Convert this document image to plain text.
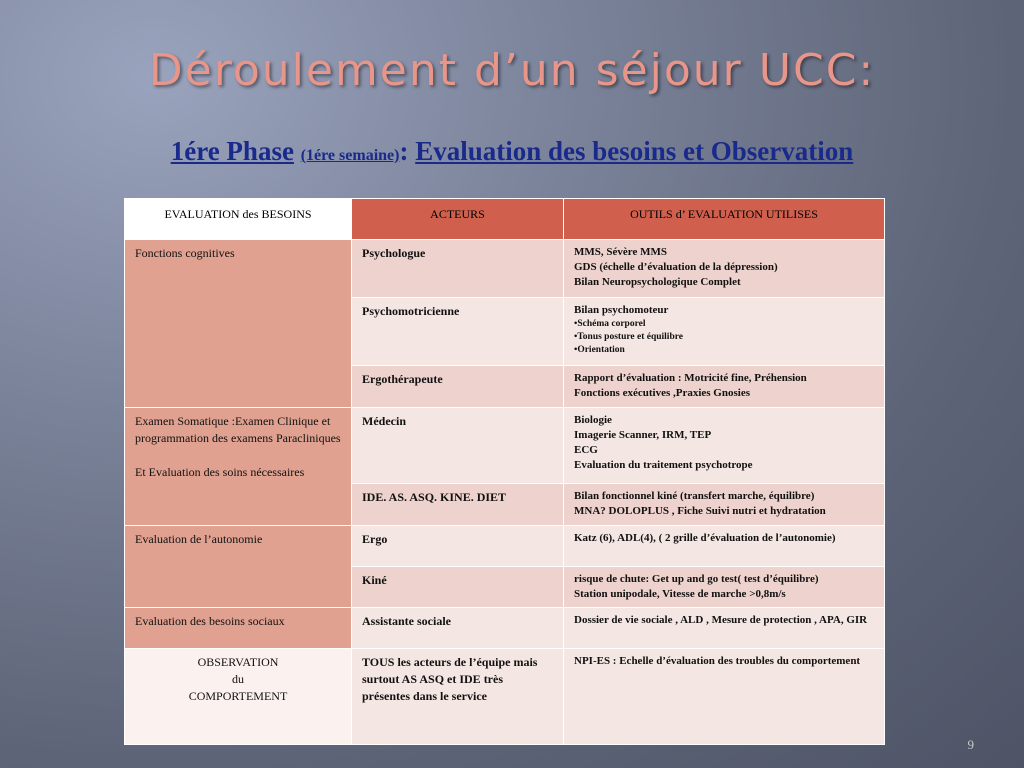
Déroulement d’un séjour UCC:
1ére Phase (1ére semaine): Evaluation des besoins et Observation
EVALUATION des BESOINS	ACTEURS	OUTILS d’ EVALUATION UTILISES
Fonctions cognitives	Psychologue	MMS, Sévère MMS
GDS (échelle d’évaluation de la dépression)
Bilan Neuropsychologique Complet

	Psychomotricienne	Bilan psychomoteur
•Schéma corporel
•Tonus posture et équilibre
•Orientation

	Ergothérapeute	Rapport d’évaluation : Motricité fine, Préhension
Fonctions exécutives ,Praxies Gnosies

Examen Somatique :Examen Clinique et programmation des examens Paracliniques
Et Evaluation des soins nécessaires	Médecin	Biologie
Imagerie Scanner, IRM, TEP
ECG
Evaluation du traitement psychotrope

	IDE. AS. ASQ. KINE. DIET	Bilan fonctionnel kiné (transfert marche, équilibre)
MNA? DOLOPLUS , Fiche Suivi nutri et hydratation

Evaluation de l’autonomie	Ergo	Katz (6), ADL(4), ( 2 grille d’évaluation de l’autonomie)
	Kiné	risque de chute: Get up and go test( test d’équilibre)
Station unipodale, Vitesse de marche >0,8m/s

Evaluation des besoins sociaux	Assistante sociale	Dossier de vie sociale , ALD , Mesure de protection , APA, GIR

OBSERVATION
du
COMPORTEMENT	TOUS les acteurs de l’équipe mais surtout AS ASQ et IDE très présentes dans le service	NPI-ES : Echelle d’évaluation des troubles du comportement
9
